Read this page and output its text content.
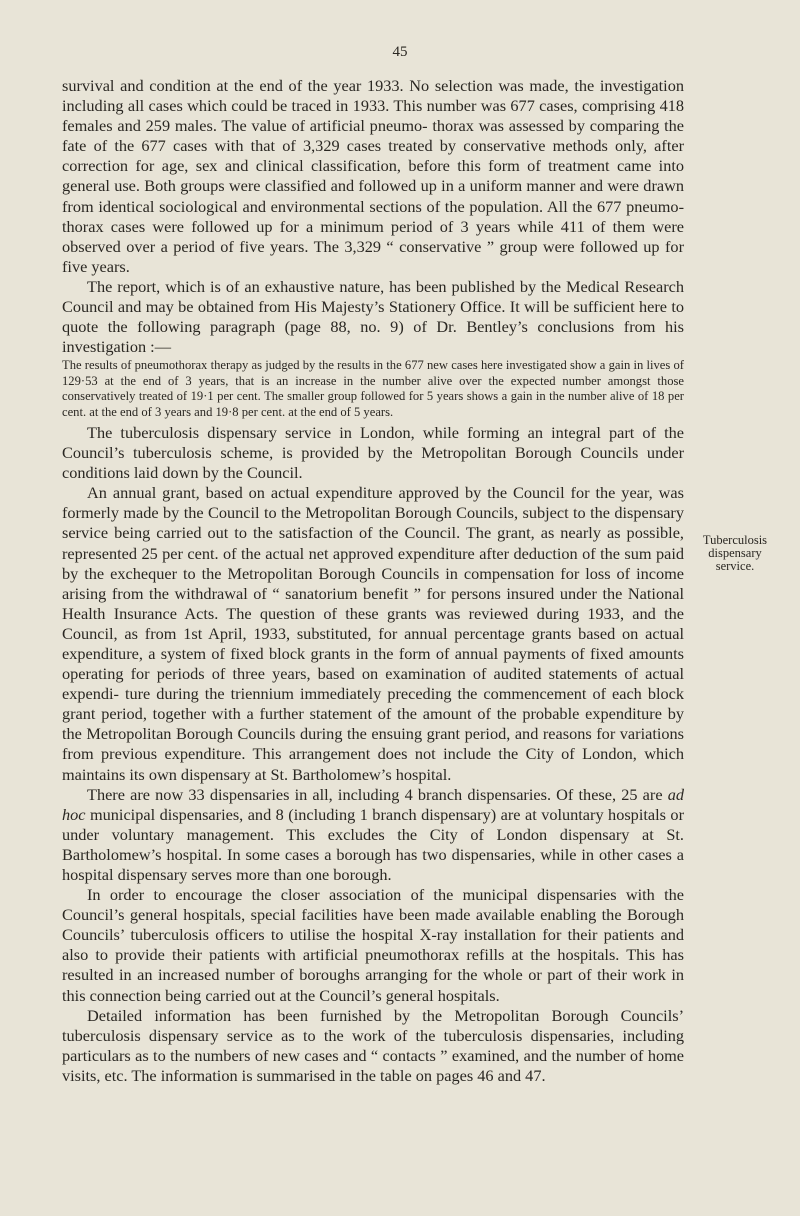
45

survival and condition at the end of the year 1933. No selection was made, the investigation including all cases which could be traced in 1933. This number was 677 cases, comprising 418 females and 259 males. The value of artificial pneumo- thorax was assessed by comparing the fate of the 677 cases with that of 3,329 cases treated by conservative methods only, after correction for age, sex and clinical classification, before this form of treatment came into general use. Both groups were classified and followed up in a uniform manner and were drawn from identical sociological and environmental sections of the population. All the 677 pneumo- thorax cases were followed up for a minimum period of 3 years while 411 of them were observed over a period of five years. The 3,329 “ conservative ” group were followed up for five years.

The report, which is of an exhaustive nature, has been published by the Medical Research Council and may be obtained from His Majesty’s Stationery Office. It will be sufficient here to quote the following paragraph (page 88, no. 9) of Dr. Bentley’s conclusions from his investigation :—

The results of pneumothorax therapy as judged by the results in the 677 new cases here investigated show a gain in lives of 129·53 at the end of 3 years, that is an increase in the number alive over the expected number amongst those conservatively treated of 19·1 per cent. The smaller group followed for 5 years shows a gain in the number alive of 18 per cent. at the end of 3 years and 19·8 per cent. at the end of 5 years.

The tuberculosis dispensary service in London, while forming an integral part of the Council’s tuberculosis scheme, is provided by the Metropolitan Borough Councils under conditions laid down by the Council.

An annual grant, based on actual expenditure approved by the Council for the year, was formerly made by the Council to the Metropolitan Borough Councils, subject to the dispensary service being carried out to the satisfaction of the Council. The grant, as nearly as possible, represented 25 per cent. of the actual net approved expenditure after deduction of the sum paid by the exchequer to the Metropolitan Borough Councils in compensation for loss of income arising from the withdrawal of “ sanatorium benefit ” for persons insured under the National Health Insurance Acts. The question of these grants was reviewed during 1933, and the Council, as from 1st April, 1933, substituted, for annual percentage grants based on actual expenditure, a system of fixed block grants in the form of annual payments of fixed amounts operating for periods of three years, based on examination of audited statements of actual expendi- ture during the triennium immediately preceding the commencement of each block grant period, together with a further statement of the amount of the probable expenditure by the Metropolitan Borough Councils during the ensuing grant period, and reasons for variations from previous expenditure. This arrangement does not include the City of London, which maintains its own dispensary at St. Bartholomew’s hospital.

There are now 33 dispensaries in all, including 4 branch dispensaries. Of these, 25 are ad hoc municipal dispensaries, and 8 (including 1 branch dispensary) are at voluntary hospitals or under voluntary management. This excludes the City of London dispensary at St. Bartholomew’s hospital. In some cases a borough has two dispensaries, while in other cases a hospital dispensary serves more than one borough.

In order to encourage the closer association of the municipal dispensaries with the Council’s general hospitals, special facilities have been made available enabling the Borough Councils’ tuberculosis officers to utilise the hospital X-ray installation for their patients and also to provide their patients with artificial pneumothorax refills at the hospitals. This has resulted in an increased number of boroughs arranging for the whole or part of their work in this connection being carried out at the Council’s general hospitals.

Detailed information has been furnished by the Metropolitan Borough Councils’ tuberculosis dispensary service as to the work of the tuberculosis dispensaries, including particulars as to the numbers of new cases and “ contacts ” examined, and the number of home visits, etc. The information is summarised in the table on pages 46 and 47.

Tuberculosis
dispensary
service.
